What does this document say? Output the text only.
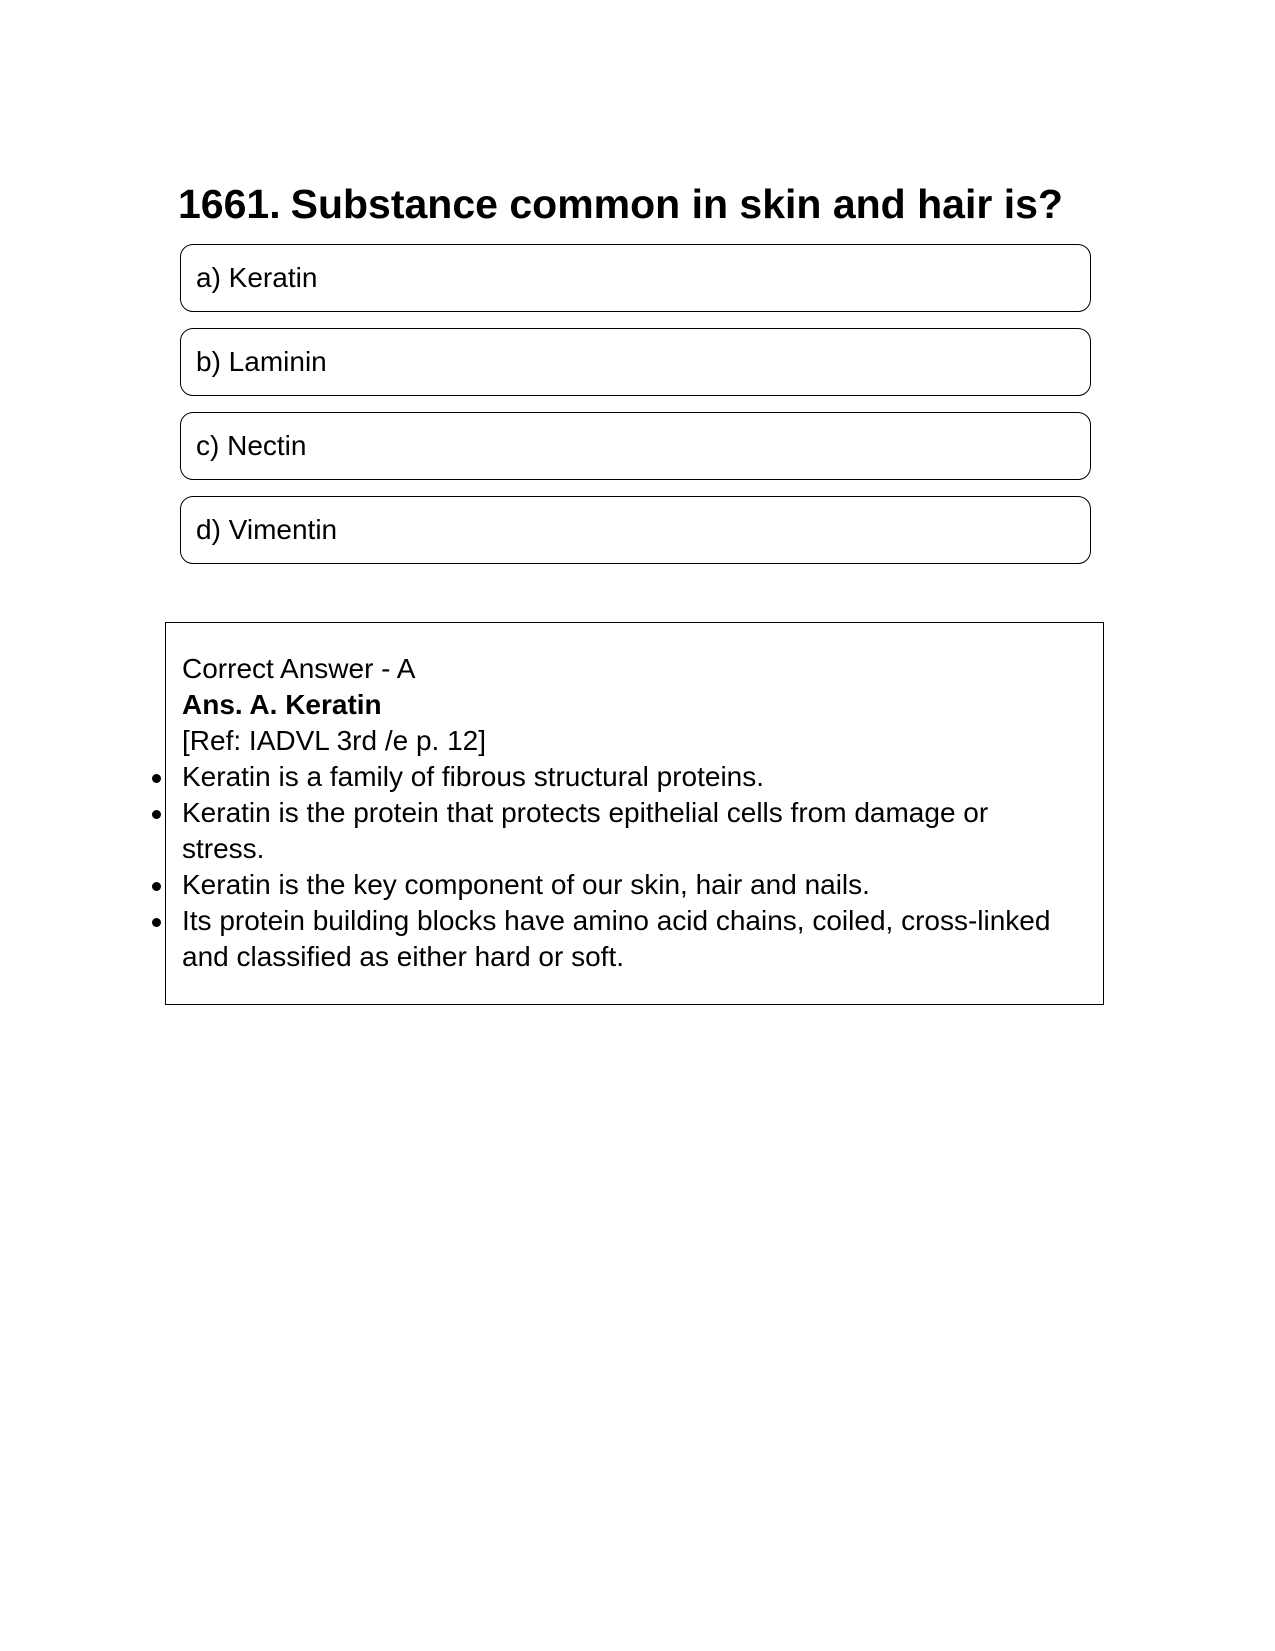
1661. Substance common in skin and hair is?
a) Keratin
b) Laminin
c) Nectin
d) Vimentin
Correct Answer - A
Ans. A. Keratin
[Ref: IADVL 3rd /e p. 12]
Keratin is a family of fibrous structural proteins.
Keratin is the protein that protects epithelial cells from damage or stress.
Keratin is the key component of our skin, hair and nails.
Its protein building blocks have amino acid chains, coiled, cross-linked and classified as either hard or soft.
